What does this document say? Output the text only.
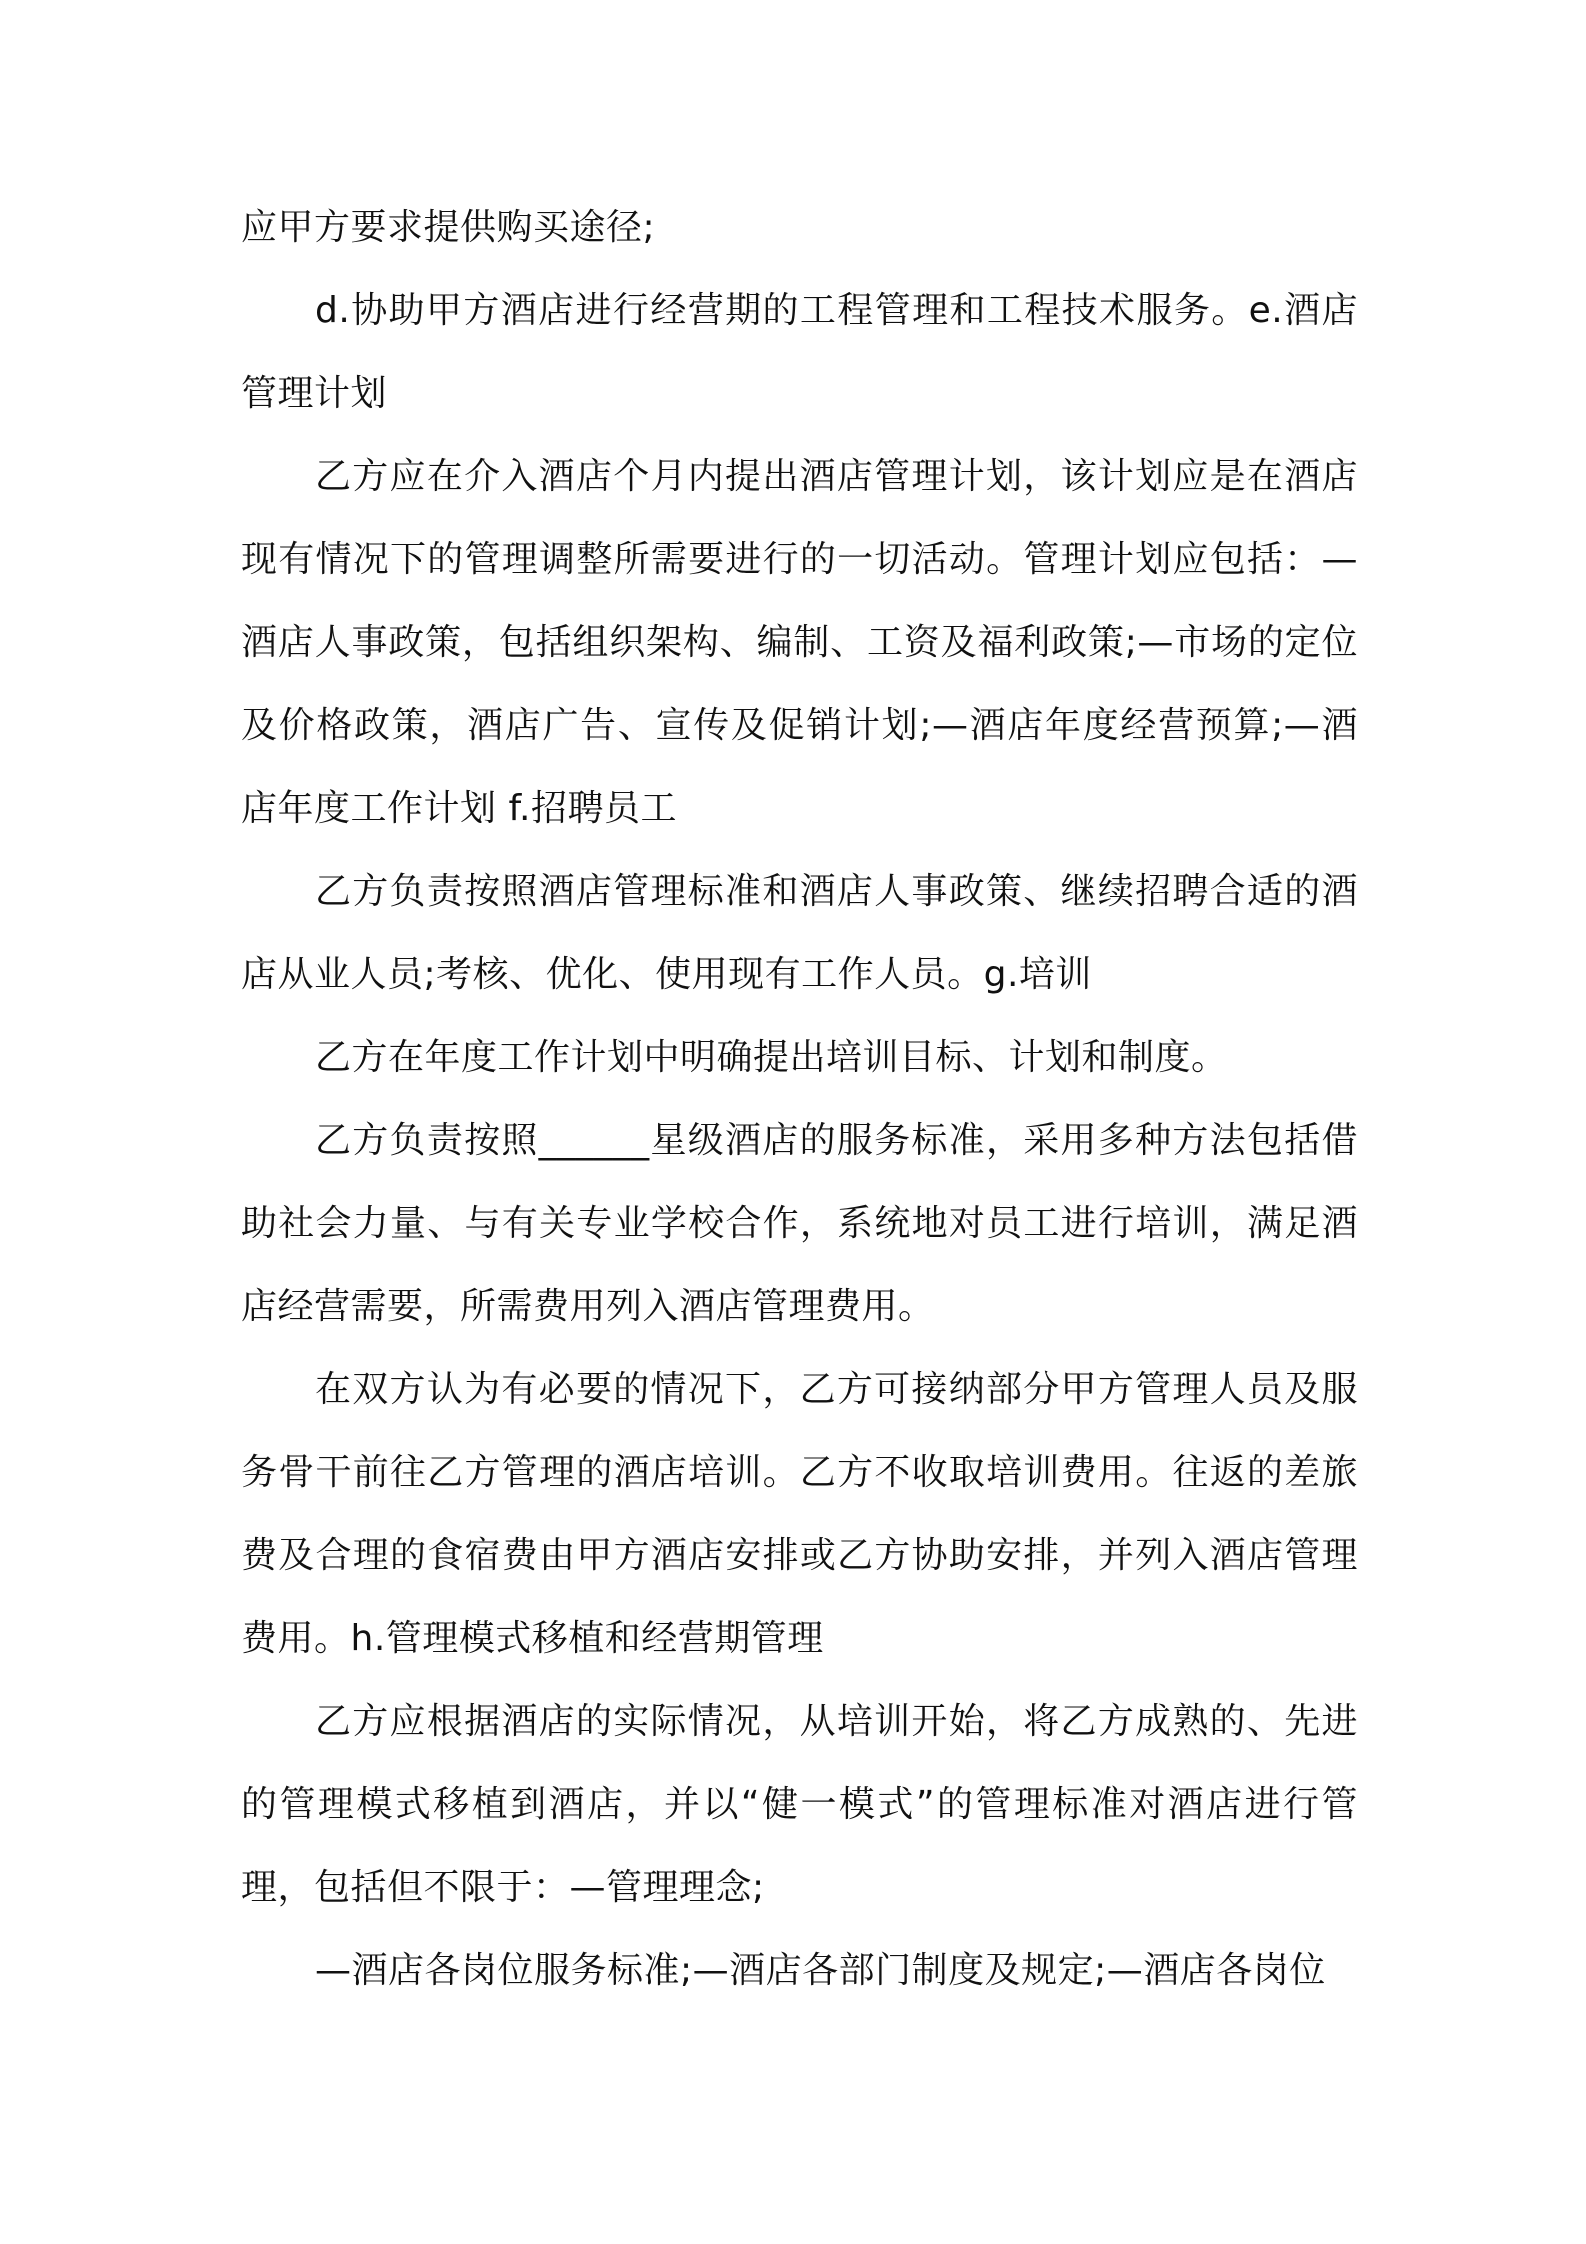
应甲方要求提供购买途径;

d.协助甲方酒店进行经营期的工程管理和工程技术服务。e.酒店管理计划

乙方应在介入酒店个月内提出酒店管理计划，该计划应是在酒店现有情况下的管理调整所需要进行的一切活动。管理计划应包括：—酒店人事政策，包括组织架构、编制、工资及福利政策;—市场的定位及价格政策，酒店广告、宣传及促销计划;—酒店年度经营预算;—酒店年度工作计划 f.招聘员工

乙方负责按照酒店管理标准和酒店人事政策、继续招聘合适的酒店从业人员;考核、优化、使用现有工作人员。g.培训

乙方在年度工作计划中明确提出培训目标、计划和制度。

乙方负责按照______星级酒店的服务标准，采用多种方法包括借助社会力量、与有关专业学校合作，系统地对员工进行培训，满足酒店经营需要，所需费用列入酒店管理费用。

在双方认为有必要的情况下，乙方可接纳部分甲方管理人员及服务骨干前往乙方管理的酒店培训。乙方不收取培训费用。往返的差旅费及合理的食宿费由甲方酒店安排或乙方协助安排，并列入酒店管理费用。h.管理模式移植和经营期管理

乙方应根据酒店的实际情况，从培训开始，将乙方成熟的、先进的管理模式移植到酒店，并以“健一模式”的管理标准对酒店进行管理，包括但不限于：—管理理念;

—酒店各岗位服务标准;—酒店各部门制度及规定;—酒店各岗位
